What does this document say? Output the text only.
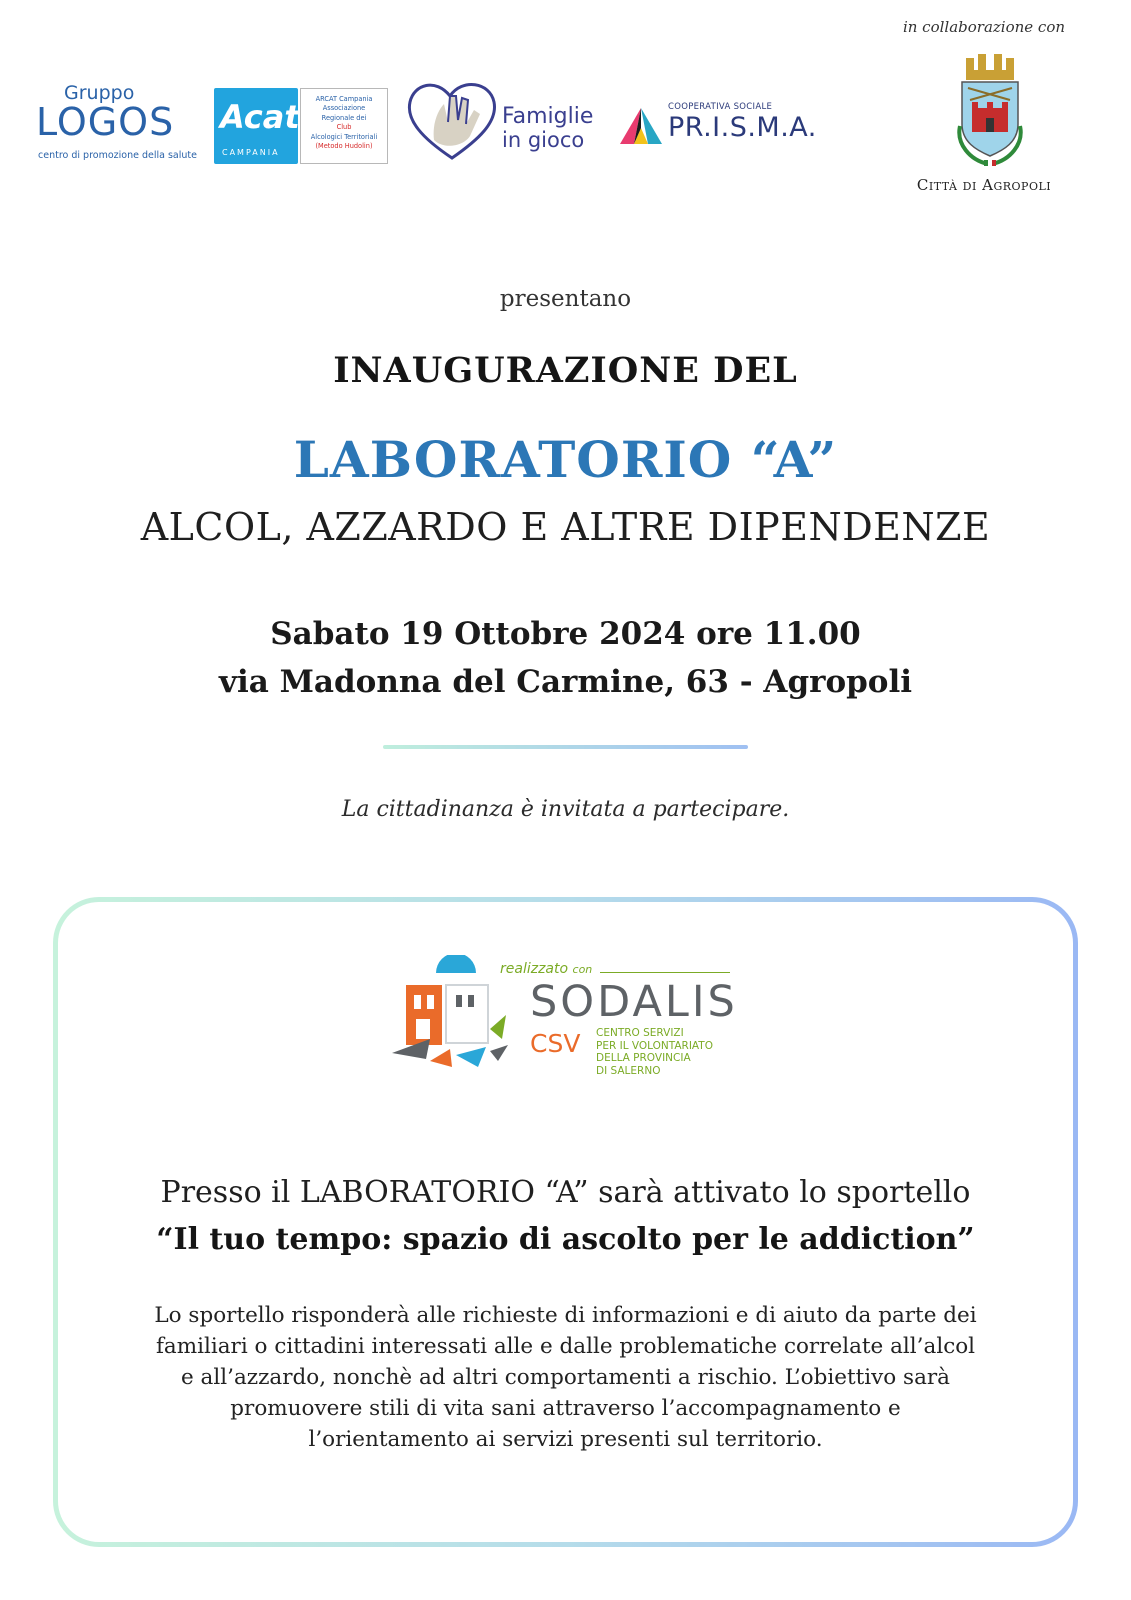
Gruppo
LOGOS
centro di promozione della salute
Acat
CAMPANIA
ARCAT Campania
Associazione
Regionale dei
Club
Alcologici Territoriali
(Metodo Hudolin)
Famiglie
in gioco
COOPERATIVA SOCIALE
PR.I.S.M.A.
in collaborazione con
Città di Agropoli
presentano
INAUGURAZIONE DEL
LABORATORIO “A”
ALCOL, AZZARDO E ALTRE DIPENDENZE
Sabato 19 Ottobre 2024 ore 11.00
via Madonna del Carmine, 63 - Agropoli
La cittadinanza è invitata a partecipare.
realizzato con
SODALIS
CSV CENTRO SERVIZI
PER IL VOLONTARIATO
DELLA PROVINCIA
DI SALERNO
Presso il LABORATORIO “A” sarà attivato lo sportello
“Il tuo tempo: spazio di ascolto per le addiction”
Lo sportello risponderà alle richieste di informazioni e di aiuto da parte dei familiari o cittadini interessati alle e dalle problematiche correlate all’alcol e all’azzardo, nonchè ad altri comportamenti a rischio. L’obiettivo sarà promuovere stili di vita sani attraverso l’accompagnamento e l’orientamento ai servizi presenti sul territorio.
